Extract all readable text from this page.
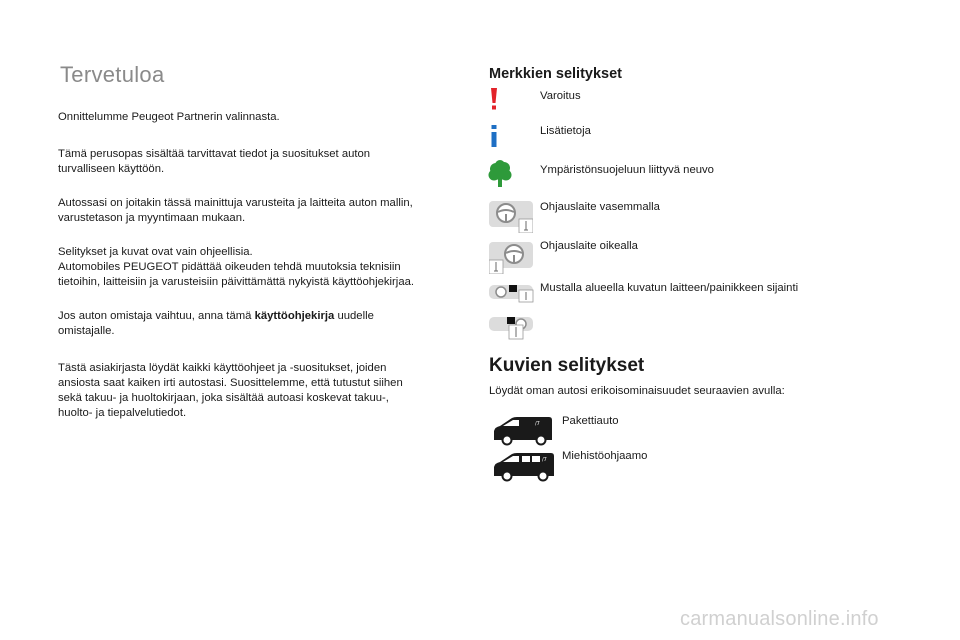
Tervetuloa

Onnittelumme Peugeot Partnerin valinnasta.

Tämä perusopas sisältää tarvittavat tiedot ja suositukset auton
turvalliseen käyttöön.

Autossasi on joitakin tässä mainittuja varusteita ja laitteita auton mallin,
varustetason ja myyntimaan mukaan.

Selitykset ja kuvat ovat vain ohjeellisia.
Automobiles PEUGEOT pidättää oikeuden tehdä muutoksia teknisiin
tietoihin, laitteisiin ja varusteisiin päivittämättä nykyistä käyttöohjekirjaa.

Jos auton omistaja vaihtuu, anna tämä käyttöohjekirja uudelle
omistajalle.

Tästä asiakirjasta löydät kaikki käyttöohjeet ja -suositukset, joiden
ansiosta saat kaiken irti autostasi. Suosittelemme, että tutustut siihen
sekä takuu- ja huoltokirjaan, joka sisältää autoasi koskevat takuu-,
huolto- ja tiepalvelutiedot.

Merkkien selitykset
Varoitus
Lisätietoja
Ympäristönsuojeluun liittyvä neuvo
Ohjauslaite vasemmalla
Ohjauslaite oikealla
Mustalla alueella kuvatun laitteen/painikkeen sijainti
Kuvien selitykset
Löydät oman autosi erikoisominaisuudet seuraavien avulla:
/7 Pakettiauto
/7 Miehistöohjaamo
carmanualsonline.info
